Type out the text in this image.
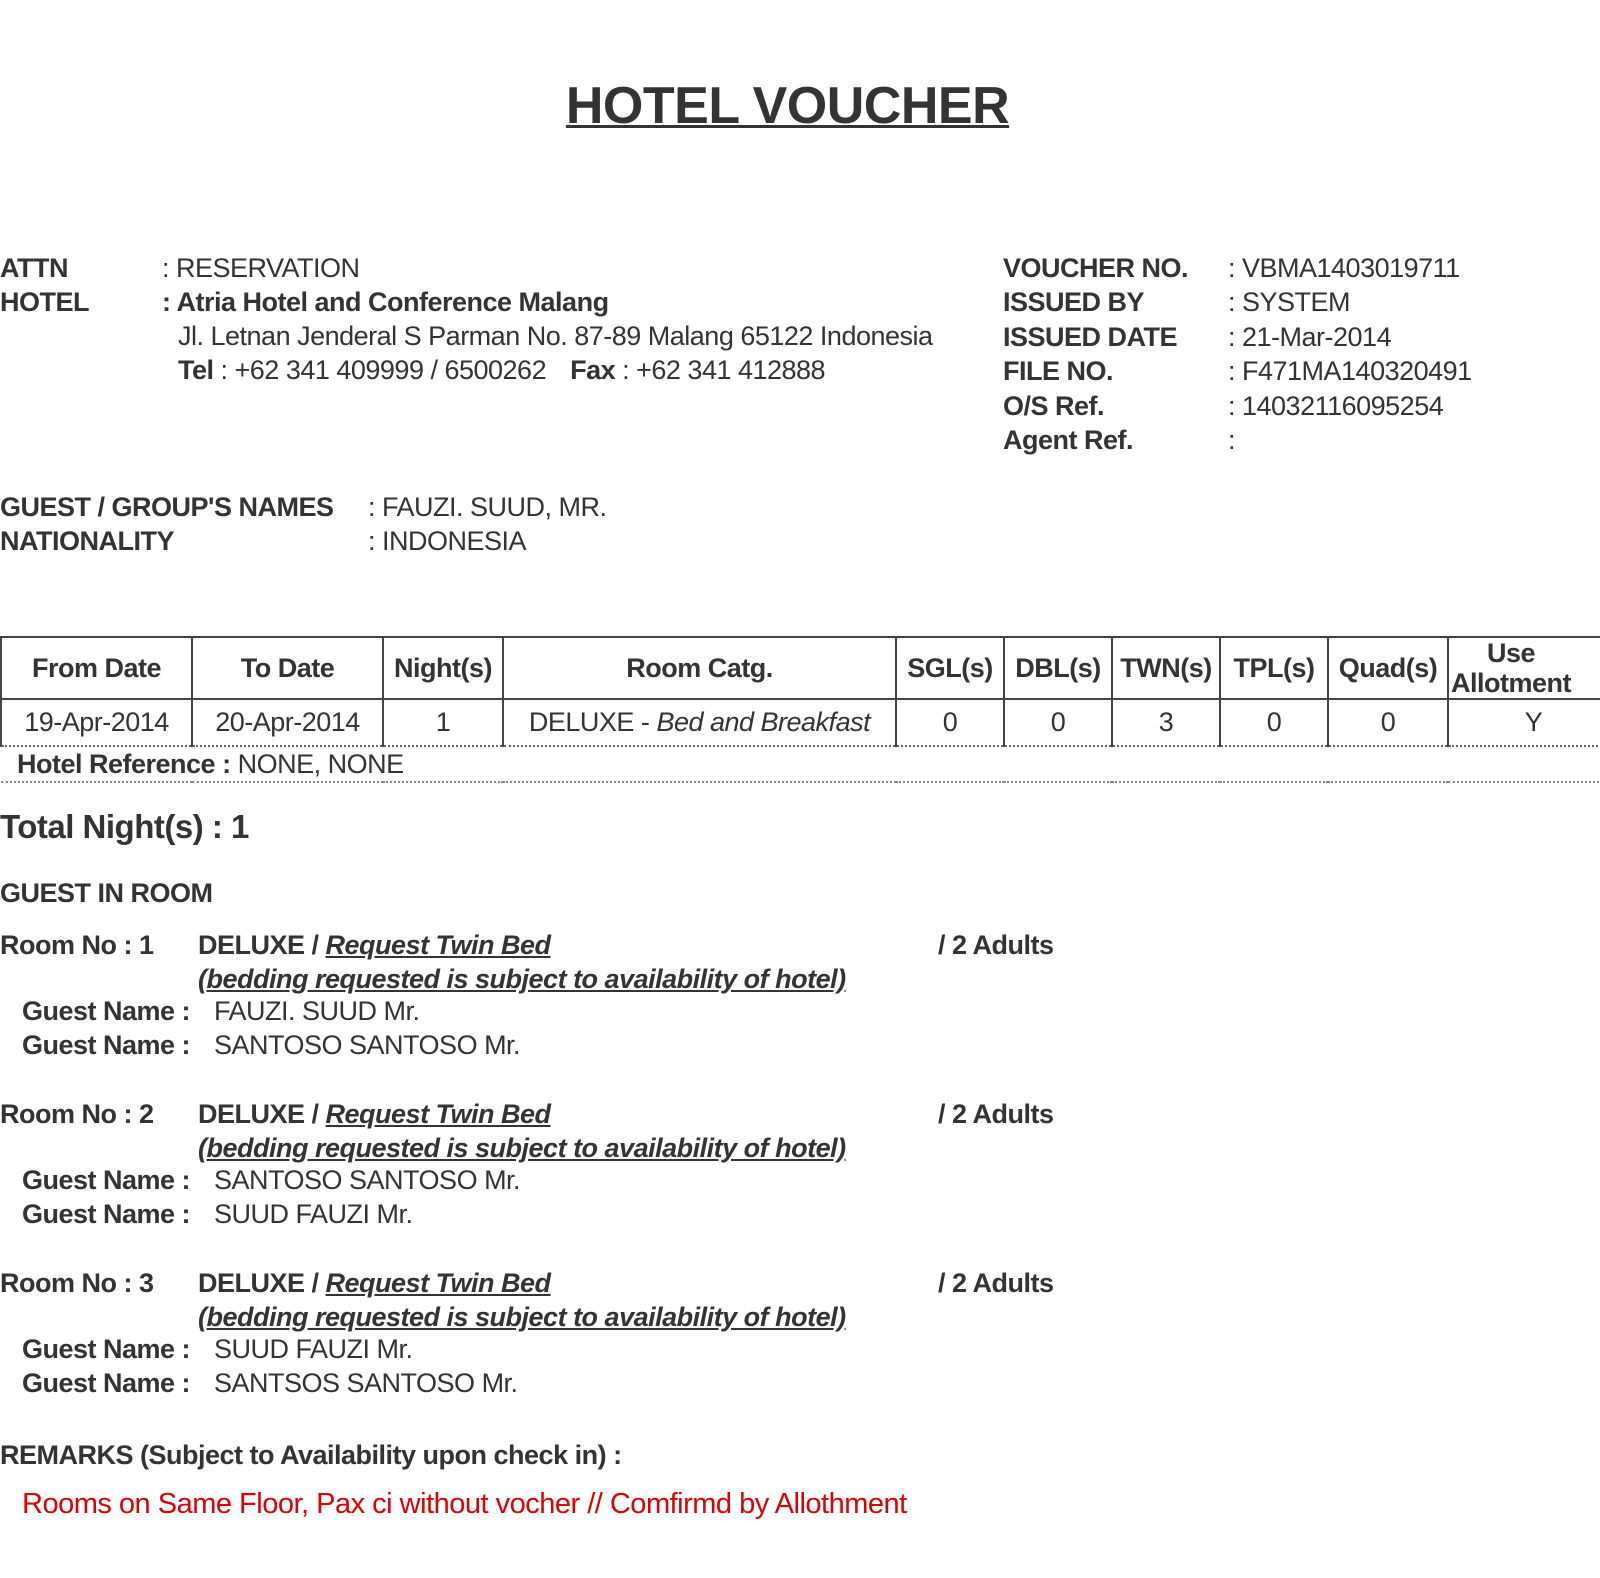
HOTEL VOUCHER
ATTN	: RESERVATION
HOTEL	: Atria Hotel and Conference Malang
Jl. Letnan Jenderal S Parman No. 87-89 Malang 65122 Indonesia
Tel : +62 341 409999 / 6500262 Fax : +62 341 412888
VOUCHER NO. : VBMA1403019711
ISSUED BY	: SYSTEM
ISSUED DATE : 21-Mar-2014
FILE NO.	: F471MA140320491
O/S Ref.	: 14032116095254
Agent Ref.	:
GUEST / GROUP'S NAMES : FAUZI. SUUD, MR.
NATIONALITY	: INDONESIA
From Date	To Date	Night(s)	Room Catg.	SGL(s)	DBL(s)	TWN(s)	TPL(s)	Quad(s)	Use
Allotment

19-Apr-2014	20-Apr-2014	1	DELUXE - Bed and Breakfast	0	0	3	0	0	Y
Hotel Reference : NONE, NONE									
Total Night(s) : 1
GUEST IN ROOM
Room No : 1 DELUXE / Request Twin Bed	/ 2 Adults
(bedding requested is subject to availability of hotel)
Guest Name : FAUZI. SUUD Mr.
Guest Name : SANTOSO SANTOSO Mr.
Room No : 2 DELUXE / Request Twin Bed	/ 2 Adults
(bedding requested is subject to availability of hotel)
Guest Name : SANTOSO SANTOSO Mr.
Guest Name : SUUD FAUZI Mr.
Room No : 3 DELUXE / Request Twin Bed	/ 2 Adults
(bedding requested is subject to availability of hotel)
Guest Name : SUUD FAUZI Mr.
Guest Name : SANTSOS SANTOSO Mr.
REMARKS (Subject to Availability upon check in) :
Rooms on Same Floor, Pax ci without vocher // Comfirmd by Allothment
